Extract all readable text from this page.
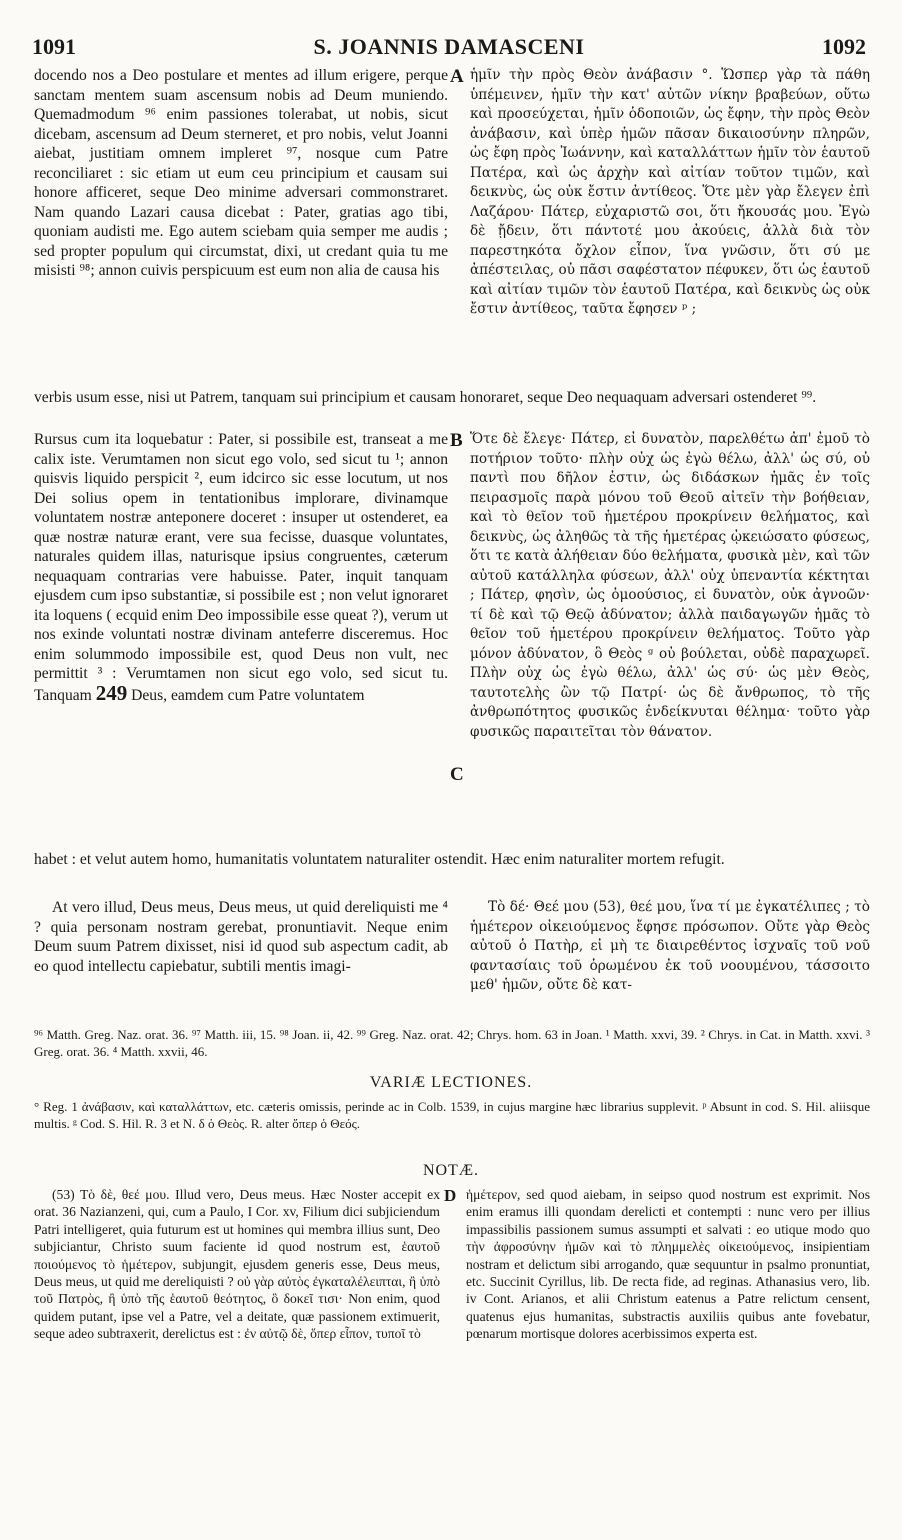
1091	S. JOANNIS DAMASCENI	1092

docendo nos a Deo postulare et mentes ad illum erigere, perque sanctam mentem suam ascensum nobis ad Deum muniendo. Quemadmodum ⁹⁶ enim passiones tolerabat, ut nobis, sicut dicebam, ascensum ad Deum sterneret, et pro nobis, velut Joanni aiebat, justitiam omnem impleret ⁹⁷, nosque cum Patre reconciliaret : sic etiam ut eum ceu principium et causam sui honore afficeret, seque Deo minime adversari commonstraret. Nam quando Lazari causa dicebat : Pater, gratias ago tibi, quoniam audisti me. Ego autem sciebam quia semper me audis ; sed propter populum qui circumstat, dixi, ut credant quia tu me misisti ⁹⁸; annon cuivis perspicuum est eum non alia de causa his

A ἡμῖν τὴν πρὸς Θεὸν ἀνάβασιν °. Ὥσπερ γὰρ τὰ πάθη ὑπέμεινεν, ἡμῖν τὴν κατ' αὐτῶν νίκην βραβεύων, οὕτω καὶ προσεύχεται, ἡμῖν ὁδοποιῶν, ὡς ἔφην, τὴν πρὸς Θεὸν ἀνάβασιν, καὶ ὑπὲρ ἡμῶν πᾶσαν δικαιοσύνην πληρῶν, ὡς ἔφη πρὸς Ἰωάννην, καὶ καταλλάττων ἡμῖν τὸν ἑαυτοῦ Πατέρα, καὶ ὡς ἀρχὴν καὶ αἰτίαν τοῦτον τιμῶν, καὶ δεικνὺς, ὡς οὐκ ἔστιν ἀντίθεος. Ὅτε μὲν γὰρ ἔλεγεν ἐπὶ Λαζάρου· Πάτερ, εὐχαριστῶ σοι, ὅτι ἤκουσάς μου. Ἐγὼ δὲ ᾔδειν, ὅτι πάντοτέ μου ἀκούεις, ἀλλὰ διὰ τὸν παρεστηκότα ὄχλον εἶπον, ἵνα γνῶσιν, ὅτι σύ με ἀπέστειλας, οὐ πᾶσι σαφέστατον πέφυκεν, ὅτι ὡς ἑαυτοῦ καὶ αἰτίαν τιμῶν τὸν ἑαυτοῦ Πατέρα, καὶ δεικνὺς ὡς οὐκ ἔστιν ἀντίθεος, ταῦτα ἔφησεν ᵖ ;

verbis usum esse, nisi ut Patrem, tanquam sui principium et causam honoraret, seque Deo nequaquam adversari ostenderet ⁹⁹.

Rursus cum ita loquebatur : Pater, si possibile est, transeat a me calix iste. Verumtamen non sicut ego volo, sed sicut tu ¹; annon quisvis liquido perspicit ², eum idcirco sic esse locutum, ut nos Dei solius opem in tentationibus implorare, divinamque voluntatem nostræ anteponere doceret : insuper ut ostenderet, ea quæ nostræ naturæ erant, vere sua fecisse, duasque voluntates, naturales quidem illas, naturisque ipsius congruentes, cæterum nequaquam contrarias vere habuisse. Pater, inquit tanquam ejusdem cum ipso substantiæ, si possibile est ; non velut ignoraret ita loquens ( ecquid enim Deo impossibile esse queat ?), verum ut nos exinde voluntati nostræ divinam anteferre disceremus. Hoc enim solummodo impossibile est, quod Deus non vult, nec permittit ³ : Verumtamen non sicut ego volo, sed sicut tu. Tanquam 249 Deus, eamdem cum Patre voluntatem

B
C

Ὅτε δὲ ἔλεγε· Πάτερ, εἰ δυνατὸν, παρελθέτω ἀπ' ἐμοῦ τὸ ποτήριον τοῦτο· πλὴν οὐχ ὡς ἐγὼ θέλω, ἀλλ' ὡς σύ, οὐ παντὶ που δῆλον ἐστιν, ὡς διδάσκων ἡμᾶς ἐν τοῖς πειρασμοῖς παρὰ μόνου τοῦ Θεοῦ αἰτεῖν τὴν βοήθειαν, καὶ τὸ θεῖον τοῦ ἡμετέρου προκρίνειν θελήματος, καὶ δεικνὺς, ὡς ἀληθῶς τὰ τῆς ἡμετέρας ᾠκειώσατο φύσεως, ὅτι τε κατὰ ἀλήθειαν δύο θελήματα, φυσικὰ μὲν, καὶ τῶν αὐτοῦ κατάλληλα φύσεων, ἀλλ' οὐχ ὑπεναντία κέκτηται ; Πάτερ, φησὶν, ὡς ὁμοούσιος, εἰ δυνατὸν, οὐκ ἀγνοῶν· τί δὲ καὶ τῷ Θεῷ ἀδύνατον; ἀλλὰ παιδαγωγῶν ἡμᾶς τὸ θεῖον τοῦ ἡμετέρου προκρίνειν θελήματος. Τοῦτο γὰρ μόνον ἀδύνατον, ὃ Θεὸς ᵍ οὐ βούλεται, οὐδὲ παραχωρεῖ. Πλὴν οὐχ ὡς ἐγὼ θέλω, ἀλλ' ὡς σύ· ὡς μὲν Θεὸς, ταυτοτελὴς ὢν τῷ Πατρί· ὡς δὲ ἄνθρωπος, τὸ τῆς ἀνθρωπότητος φυσικῶς ἐνδείκνυται θέλημα· τοῦτο γὰρ φυσικῶς παραιτεῖται τὸν θάνατον.

habet : et velut autem homo, humanitatis voluntatem naturaliter ostendit. Hæc enim naturaliter mortem refugit.

At vero illud, Deus meus, Deus meus, ut quid dereliquisti me ⁴ ? quia personam nostram gerebat, pronuntiavit. Neque enim Deum suum Patrem dixisset, nisi id quod sub aspectum cadit, ab eo quod intellectu capiebatur, subtili mentis imagi-

Τὸ δέ· Θεέ μου (53), θεέ μου, ἵνα τί με ἐγκατέλιπες ; τὸ ἡμέτερον οἰκειούμενος ἔφησε πρόσωπον. Οὔτε γὰρ Θεὸς αὐτοῦ ὁ Πατὴρ, εἰ μὴ τε διαιρεθέντος ἰσχναῖς τοῦ νοῦ φαντασίαις τοῦ ὁρωμένου ἐκ τοῦ νοουμένου, τάσσοιτο μεθ' ἡμῶν, οὔτε δὲ κατ-

⁹⁶ Matth. Greg. Naz. orat. 36. ⁹⁷ Matth. iii, 15. ⁹⁸ Joan. ii, 42. ⁹⁹ Greg. Naz. orat. 42; Chrys. hom. 63 in Joan. ¹ Matth. xxvi, 39. ² Chrys. in Cat. in Matth. xxvi. ³ Greg. orat. 36. ⁴ Matth. xxvii, 46.
VARIÆ LECTIONES.
° Reg. 1 ἀνάβασιν, καὶ καταλλάττων, etc. cæteris omissis, perinde ac in Colb. 1539, in cujus margine hæc librarius supplevit. ᵖ Absunt in cod. S. Hil. aliisque multis. ᵍ Cod. S. Hil. R. 3 et N. δ ὁ Θεὸς. R. alter ὅπερ ὁ Θεός.
NOTÆ.

(53) Τὸ δὲ, θεέ μου. Illud vero, Deus meus. Hæc Noster accepit ex orat. 36 Nazianzeni, qui, cum a Paulo, I Cor. xv, Filium dici subjiciendum Patri intelligeret, quia futurum est ut homines qui membra illius sunt, Deo subjiciantur, Christo suum faciente id quod nostrum est, ἑαυτοῦ ποιούμενος τὸ ἡμέτερον, subjungit, ejusdem generis esse, Deus meus, Deus meus, ut quid me dereliquisti ? οὐ γὰρ αὐτὸς ἐγκαταλέλειπται, ἢ ὑπὸ τοῦ Πατρὸς, ἢ ὑπὸ τῆς ἑαυτοῦ θεότητος, ὃ δοκεῖ τισι· Non enim, quod quidem putant, ipse vel a Patre, vel a deitate, quæ passionem extimuerit, seque adeo subtraxerit, derelictus est : ἐν αὐτῷ δὲ, ὅπερ εἶπον, τυποῖ τὸ

D ἡμέτερον, sed quod aiebam, in seipso quod nostrum est exprimit. Nos enim eramus illi quondam derelicti et contempti : nunc vero per illius impassibilis passionem sumus assumpti et salvati : eo utique modo quo τὴν ἀφροσύνην ἡμῶν καὶ τὸ πλημμελὲς οἰκειούμενος, insipientiam nostram et delictum sibi arrogando, quæ sequuntur in psalmo pronuntiat, etc. Succinit Cyrillus, lib. De recta fide, ad reginas. Athanasius vero, lib. iv Cont. Arianos, et alii Christum eatenus a Patre relictum censent, quatenus ejus humanitas, substractis auxiliis quibus ante fovebatur, pœnarum mortisque dolores acerbissimos experta est.
